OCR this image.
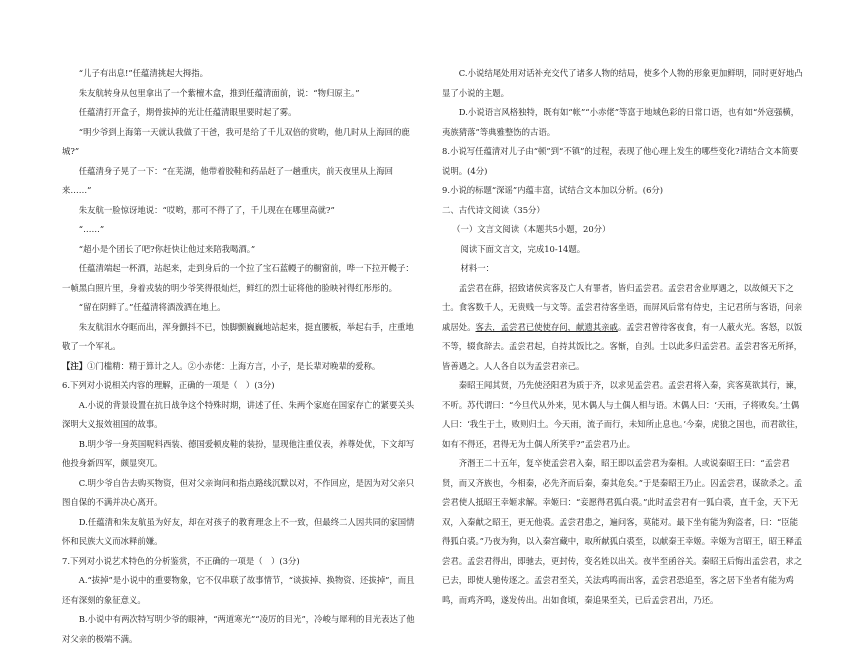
“儿子有出息!”任蕴清挑起大拇指。

朱友航转身从包里拿出了一个紫檀木盒，推到任蕴清面前，说：“物归原主。”

任蕴清打开盒子，期骨拔掉的光让任蕴清眼里要时起了雾。

“明少爷到上海第一天就认我做了干爸，我可是给了千儿双倍的赏哟，他几时从上海回的鹿城?”

任蕴清身子晃了一下：“在芜湖，他带着胶鞋和药品赶了一趟重庆，前天夜里从上海回来……”

朱友航一脸惊讶地说：“哎哟，那可不得了了，千儿现在在哪里高就?”

“……”

“超小是个团长了吧?你赶快让他过来陪我喝酒。”

任蕴清端起一杯酒，站起来，走到身后的一个拉了宝石蓝幔子的橱窗前，哗一下拉开幔子：一帧黑白照片里，身着戎装的明少爷笑得很灿烂，鲜红的烈士证将他的脸映衬得红彤彤的。

“留在阴鲜了。”任蕴清将酒泼洒在地上。

朱友航泪水夺眶而出，浑身颤抖不已，蚀脚颤巍巍地站起来，挺直腰板，举起右手，庄重地敬了一个军礼。

【注】①门槛精：精于算计之人。②小赤佬：上海方言，小子，是长辈对晚辈的爱称。

6.下列对小说相关内容的理解，正确的一项是（　）(3分)

A.小说的背景设置在抗日战争这个特殊时期，讲述了任、朱两个家庭在国家存亡的紧要关头深明大义报效祖国的故事。

B.明少爷一身英国呢料西装、德国爱顿皮鞋的装扮，显现他注重仪表，养尊处优，下文却写他投身新四军，颇显突兀。

C.明少爷自告去购买物资，但对父亲询问和指点路线沉默以对，不作回应，是因为对父亲只图自保的不满并决心离开。

D.任蕴清和朱友航虽为好友，却在对孩子的教育理念上不一致，但最终二人因共同的家国情怀和民族大义而冰释前嫌。

7.下列对小说艺术特色的分析鉴赏，不正确的一项是（　）(3分)

A.“拔掉”是小说中的重要物象，它不仅串联了故事情节，“谈拔掉、换物资、还拔掉”，而且还有深刻的象征意义。

B.小说中有两次特写明少爷的眼神，“两道寒光”“凌厉的目光”，冷峻与犀利的目光表达了他对父亲的极端不满。

C.小说结尾处用对话补充交代了诸多人物的结局，使多个人物的形象更加鲜明，同时更好地凸显了小说的主题。

D.小说语言风格独特，既有如“帐”“小赤佬”等富于地域色彩的日常口语，也有如“外寇强横，夷族猜落”等典雅整饬的古语。

8.小说写任蕴清对儿子由“顿”到“不镇”的过程，表现了他心理上发生的哪些变化?请结合文本简要说明。(4分)

9.小说的标题“深谣”内蕴丰富，试结合文本加以分析。(6分)

二、古代诗文阅读（35分）

（一）文言文阅读（本题共5小题，20分）

阅读下面文言文，完成10-14题。

材料一：

孟尝君在薛，招致诸侯宾客及亡人有罪者，皆归孟尝君。孟尝君舍业厚遇之，以故倾天下之士。食客数千人，无贵贱一与文等。孟尝君待客坐语，而屏风后常有侍史，主记君所与客语，问亲戚居处。客去，孟尝君已使使存问，献遗其亲戚。孟尝君曾待客夜食，有一人蔽火光。客怒，以饭不等，辍食辞去。孟尝君起，自持其饭比之。客惭，自刭。士以此多归孟尝君。孟尝君客无所择，皆善遇之。人人各自以为孟尝君亲己。

秦昭王闻其贤，乃先使泾阳君为质于齐，以求见孟尝君。孟尝君将入秦，宾客莫欲其行，谏，不听。苏代谓曰：“今旦代从外来，见木偶人与土偶人相与语。木偶人曰：‘天雨，子将败矣。’土偶人曰：‘我生于土，败则归土。今天雨，流子而行，未知所止息也。’今秦，虎狼之国也，而君欲往，如有不得还，君得无为土偶人所笑乎?”孟尝君乃止。

齐湣王二十五年，复卒使孟尝君入秦，昭王即以孟尝君为秦相。人或说秦昭王曰：“孟尝君贤，而又齐族也，今相秦，必先齐而后秦，秦其危矣。”于是秦昭王乃止。囚孟尝君，谋欲杀之。孟尝君使人抵昭王幸姬求解。幸姬曰：“妾愿得君狐白裘。”此时孟尝君有一狐白裘，直千金，天下无双，入秦献之昭王，更无他裘。孟尝君患之，遍问客，莫能对。最下坐有能为狗盗者，曰：“臣能得狐白裘。”乃夜为狗，以入秦宫藏中，取所献狐白裘至，以献秦王幸姬。幸姬为言昭王，昭王释孟尝君。孟尝君得出，即驰去，更封传，变名姓以出关。夜半至函谷关。秦昭王后悔出孟尝君，求之已去，即使人驰传逐之。孟尝君至关，关法鸡鸣而出客，孟尝君恐追至，客之居下坐者有能为鸡鸣，而鸡齐鸣，遂发传出。出如食顷，秦追果至关，已后孟尝君出，乃还。
